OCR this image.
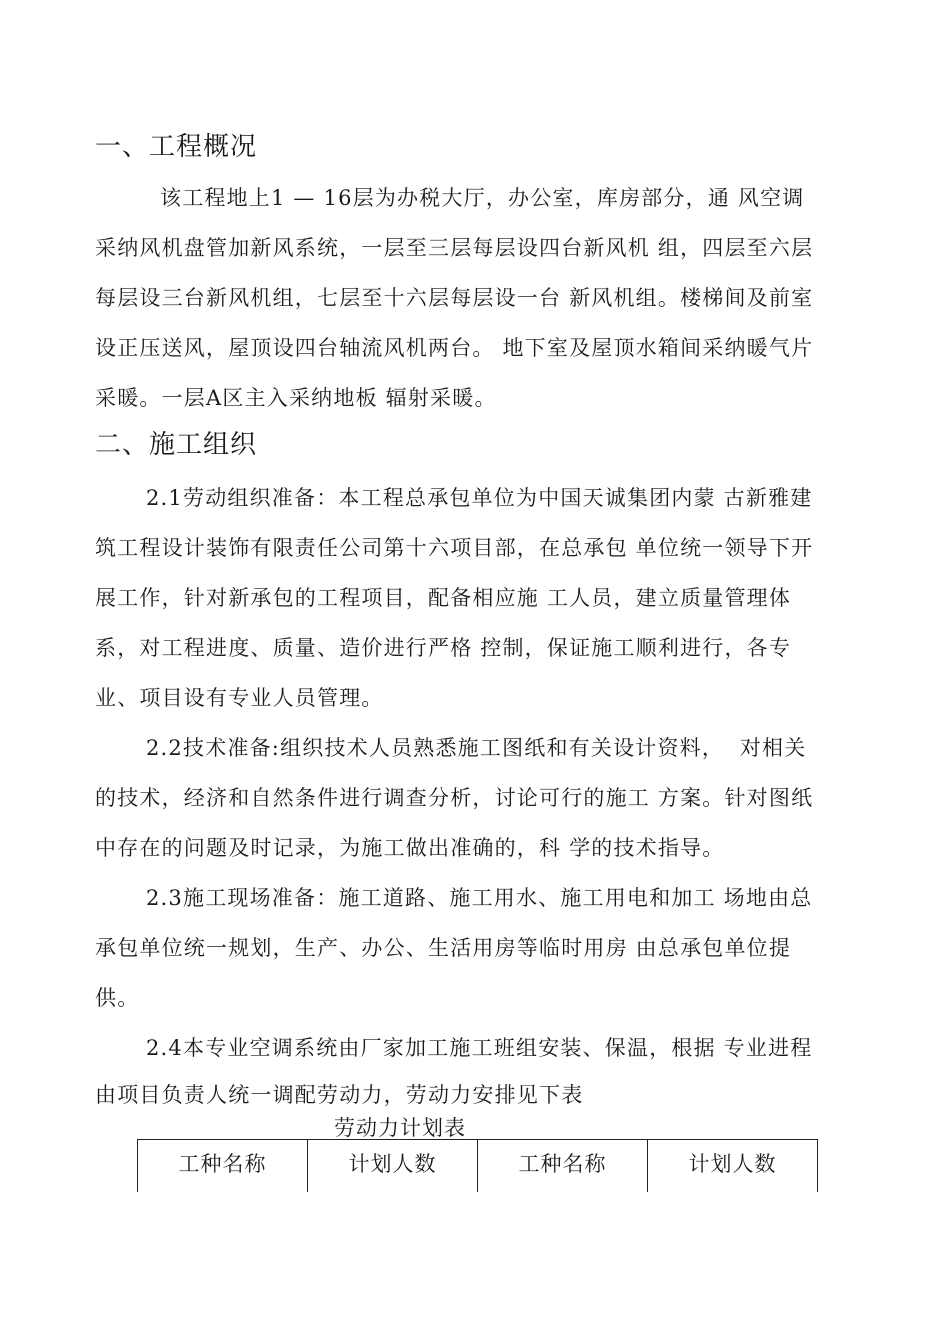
一、工程概况
该工程地上1 — 16层为办税大厅，办公室，库房部分，通 风空调
采纳风机盘管加新风系统，一层至三层每层设四台新风机 组，四层至六层
每层设三台新风机组，七层至十六层每层设一台 新风机组。楼梯间及前室
设正压送风，屋顶设四台轴流风机两台。 地下室及屋顶水箱间采纳暖气片
采暖。一层A区主入采纳地板 辐射采暖。
二、施工组织
2.1劳动组织准备：本工程总承包单位为中国天诚集团内蒙 古新雅建
筑工程设计装饰有限责任公司第十六项目部，在总承包 单位统一领导下开
展工作，针对新承包的工程项目，配备相应施 工人员，建立质量管理体
系，对工程进度、质量、造价进行严格 控制，保证施工顺利进行，各专
业、项目设有专业人员管理。
2.2技术准备:组织技术人员熟悉施工图纸和有关设计资料，  对相关
的技术，经济和自然条件进行调查分析，讨论可行的施工 方案。针对图纸
中存在的问题及时记录，为施工做出准确的，科 学的技术指导。
2.3施工现场准备：施工道路、施工用水、施工用电和加工 场地由总
承包单位统一规划，生产、办公、生活用房等临时用房 由总承包单位提
供。
2.4本专业空调系统由厂家加工施工班组安装、保温，根据 专业进程
由项目负责人统一调配劳动力，劳动力安排见下表
劳动力计划表
工种名称	计划人数	工种名称	计划人数
